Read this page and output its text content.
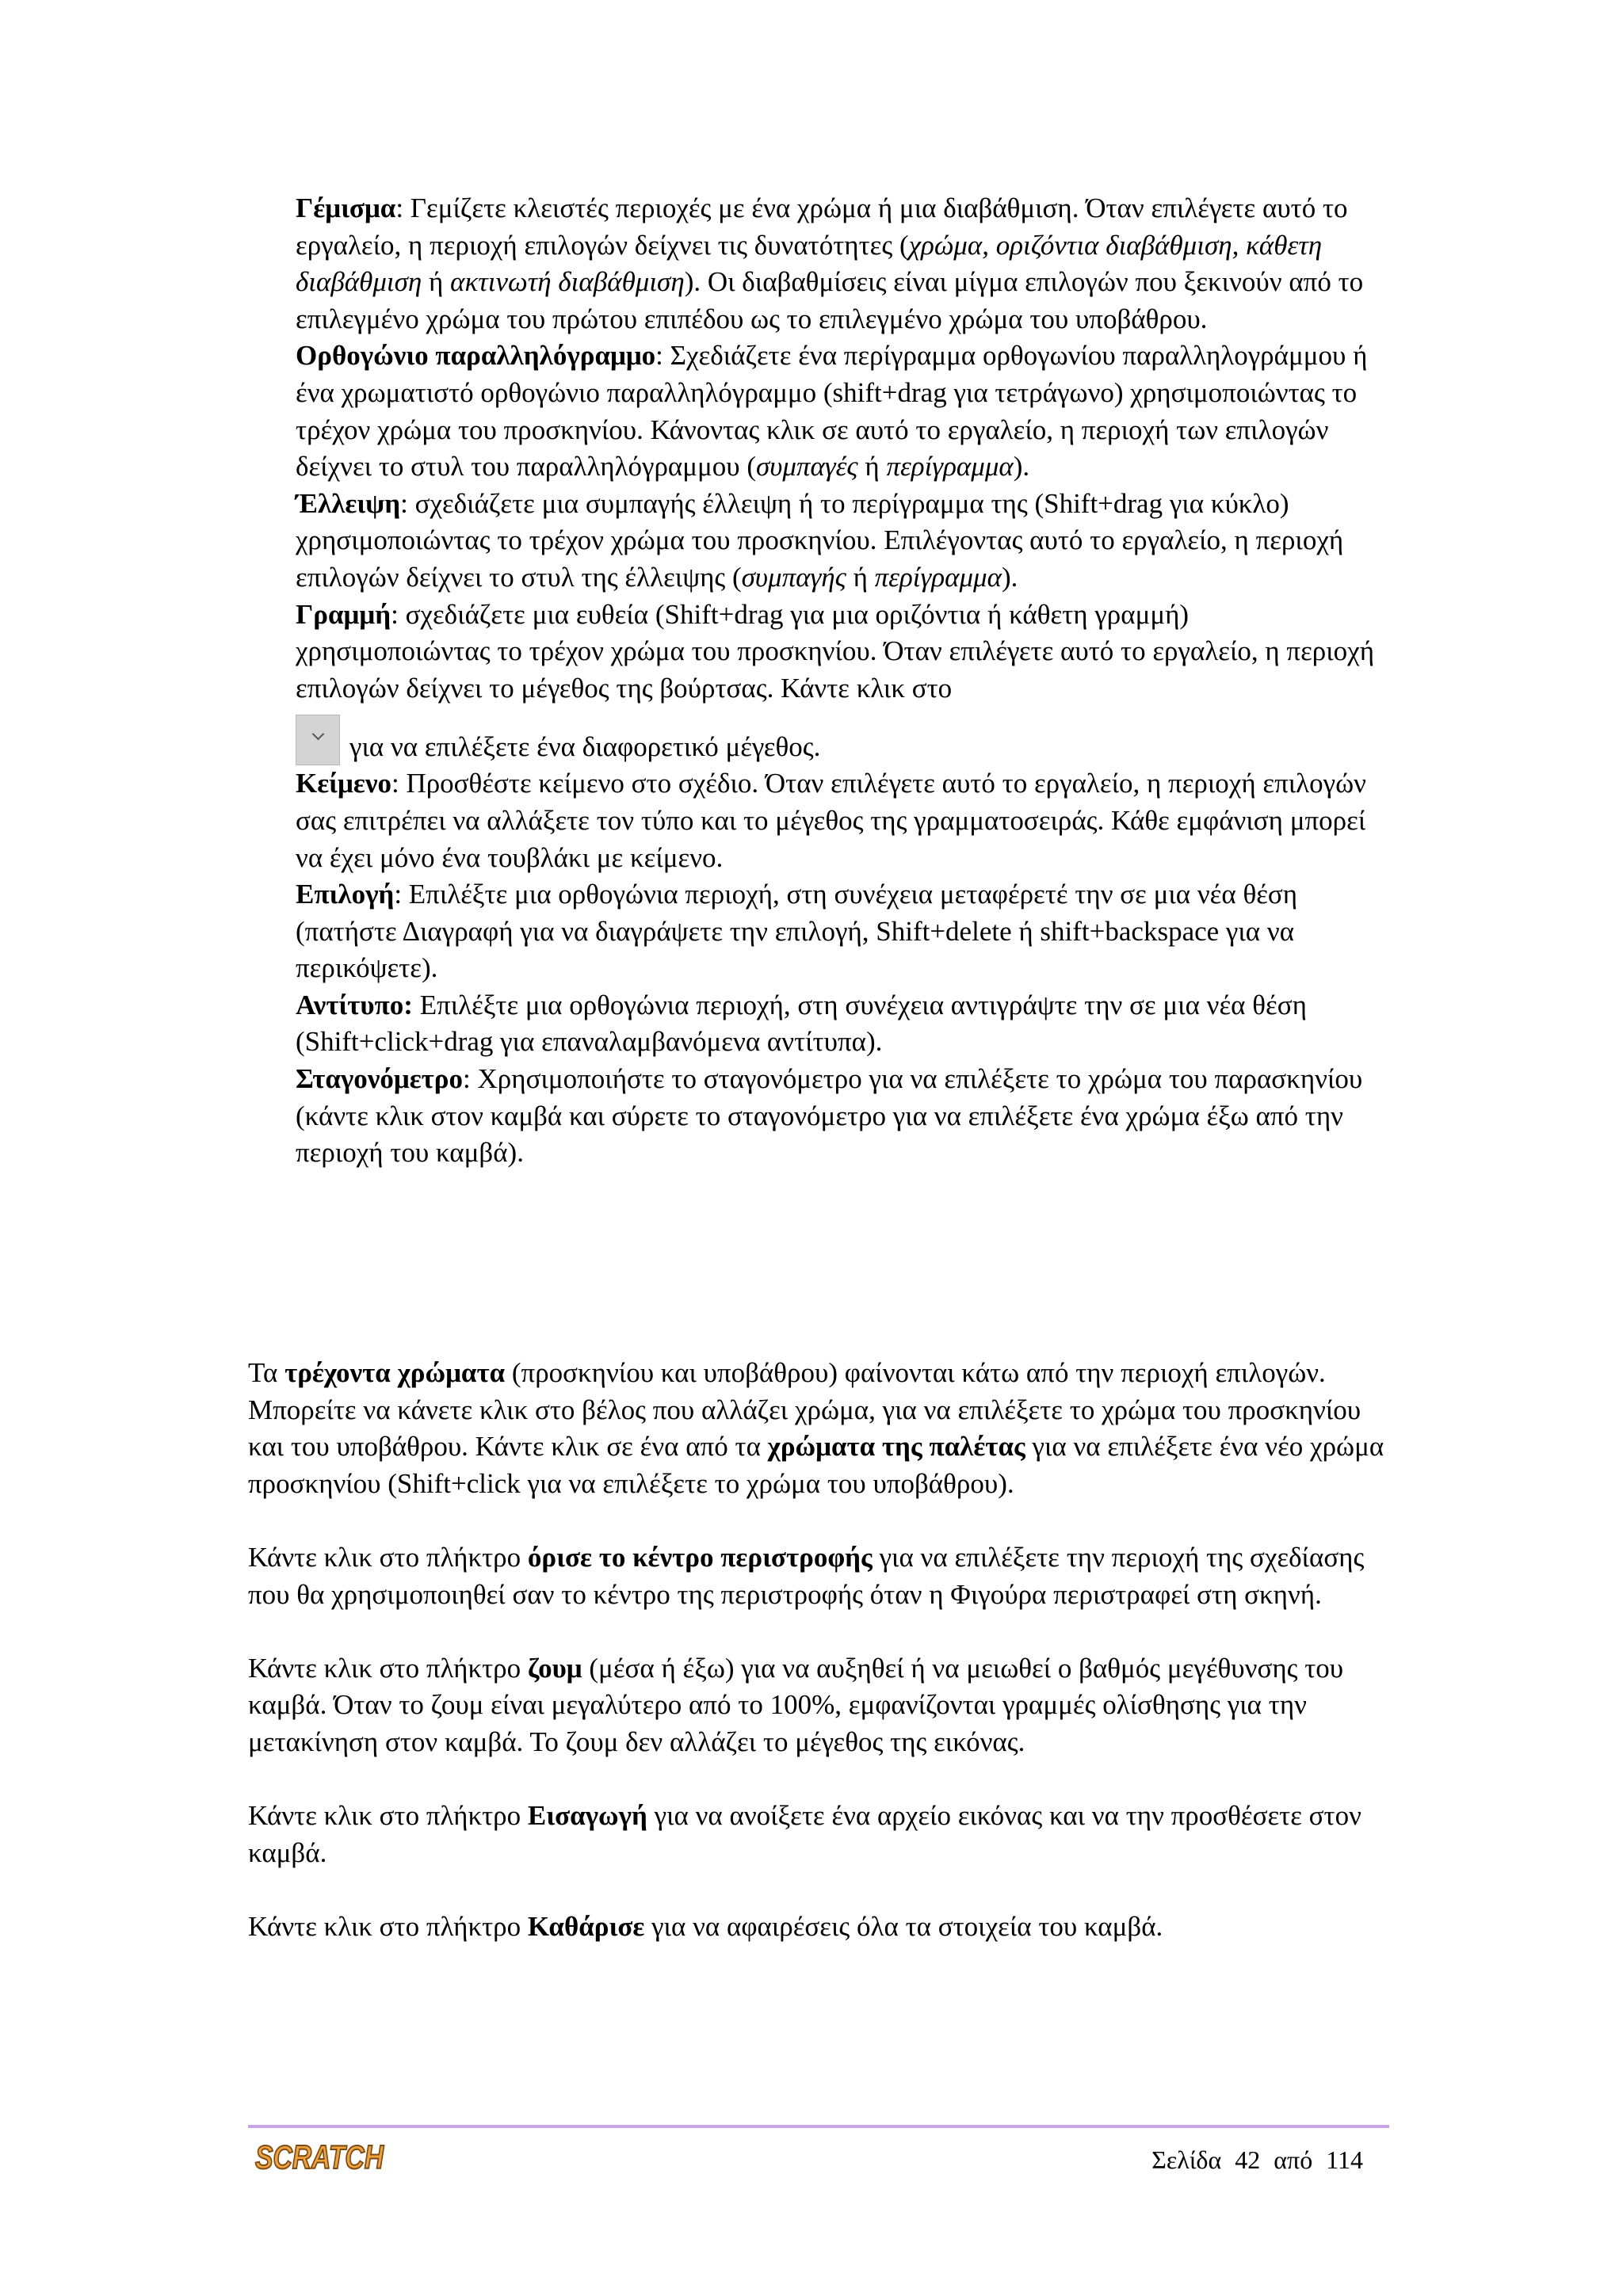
Γέμισμα: Γεμίζετε κλειστές περιοχές με ένα χρώμα ή μια διαβάθμιση. Όταν επιλέγετε αυτό το εργαλείο, η περιοχή επιλογών δείχνει τις δυνατότητες (χρώμα, οριζόντια διαβάθμιση, κάθετη διαβάθμιση ή ακτινωτή διαβάθμιση). Οι διαβαθμίσεις είναι μίγμα επιλογών που ξεκινούν από το επιλεγμένο χρώμα του πρώτου επιπέδου ως το επιλεγμένο χρώμα του υποβάθρου.

Ορθογώνιο παραλληλόγραμμο: Σχεδιάζετε ένα περίγραμμα ορθογωνίου παραλληλογράμμου ή ένα χρωματιστό ορθογώνιο παραλληλόγραμμο (shift+drag για τετράγωνο) χρησιμοποιώντας το τρέχον χρώμα του προσκηνίου. Κάνοντας κλικ σε αυτό το εργαλείο, η περιοχή των επιλογών δείχνει το στυλ του παραλληλόγραμμου (συμπαγές ή περίγραμμα).

Έλλειψη: σχεδιάζετε μια συμπαγής έλλειψη ή το περίγραμμα της (Shift+drag για κύκλο) χρησιμοποιώντας το τρέχον χρώμα του προσκηνίου. Επιλέγοντας αυτό το εργαλείο, η περιοχή επιλογών δείχνει το στυλ της έλλειψης (συμπαγής ή περίγραμμα).

Γραμμή: σχεδιάζετε μια ευθεία (Shift+drag για μια οριζόντια ή κάθετη γραμμή) χρησιμοποιώντας το τρέχον χρώμα του προσκηνίου. Όταν επιλέγετε αυτό το εργαλείο, η περιοχή επιλογών δείχνει το μέγεθος της βούρτσας. Κάντε κλικ στο

για να επιλέξετε ένα διαφορετικό μέγεθος.

Κείμενο: Προσθέστε κείμενο στο σχέδιο. Όταν επιλέγετε αυτό το εργαλείο, η περιοχή επιλογών σας επιτρέπει να αλλάξετε τον τύπο και το μέγεθος της γραμματοσειράς. Κάθε εμφάνιση μπορεί να έχει μόνο ένα τουβλάκι με κείμενο.

Επιλογή: Επιλέξτε μια ορθογώνια περιοχή, στη συνέχεια μεταφέρετέ την σε μια νέα θέση (πατήστε Διαγραφή για να διαγράψετε την επιλογή, Shift+delete ή shift+backspace για να περικόψετε).

Αντίτυπο: Επιλέξτε μια ορθογώνια περιοχή, στη συνέχεια αντιγράψτε την σε μια νέα θέση (Shift+click+drag για επαναλαμβανόμενα αντίτυπα).

Σταγονόμετρο: Χρησιμοποιήστε το σταγονόμετρο για να επιλέξετε το χρώμα του παρασκηνίου (κάντε κλικ στον καμβά και σύρετε το σταγονόμετρο για να επιλέξετε ένα χρώμα έξω από την περιοχή του καμβά).

Τα τρέχοντα χρώματα (προσκηνίου και υποβάθρου) φαίνονται κάτω από την περιοχή επιλογών. Μπορείτε να κάνετε κλικ στο βέλος που αλλάζει χρώμα, για να επιλέξετε το χρώμα του προσκηνίου και του υποβάθρου. Κάντε κλικ σε ένα από τα χρώματα της παλέτας για να επιλέξετε ένα νέο χρώμα προσκηνίου (Shift+click για να επιλέξετε το χρώμα του υποβάθρου).

Κάντε κλικ στο πλήκτρο όρισε το κέντρο περιστροφής για να επιλέξετε την περιοχή της σχεδίασης που θα χρησιμοποιηθεί σαν το κέντρο της περιστροφής όταν η Φιγούρα περιστραφεί στη σκηνή.

Κάντε κλικ στο πλήκτρο ζουμ (μέσα ή έξω) για να αυξηθεί ή να μειωθεί ο βαθμός μεγέθυνσης του καμβά. Όταν το ζουμ είναι μεγαλύτερο από το 100%, εμφανίζονται γραμμές ολίσθησης για την μετακίνηση στον καμβά. Το ζουμ δεν αλλάζει το μέγεθος της εικόνας.

Κάντε κλικ στο πλήκτρο Εισαγωγή για να ανοίξετε ένα αρχείο εικόνας και να την προσθέσετε στον καμβά.

Κάντε κλικ στο πλήκτρο Καθάρισε για να αφαιρέσεις όλα τα στοιχεία του καμβά.

SCRATCH	Σελίδα 42 από 114
